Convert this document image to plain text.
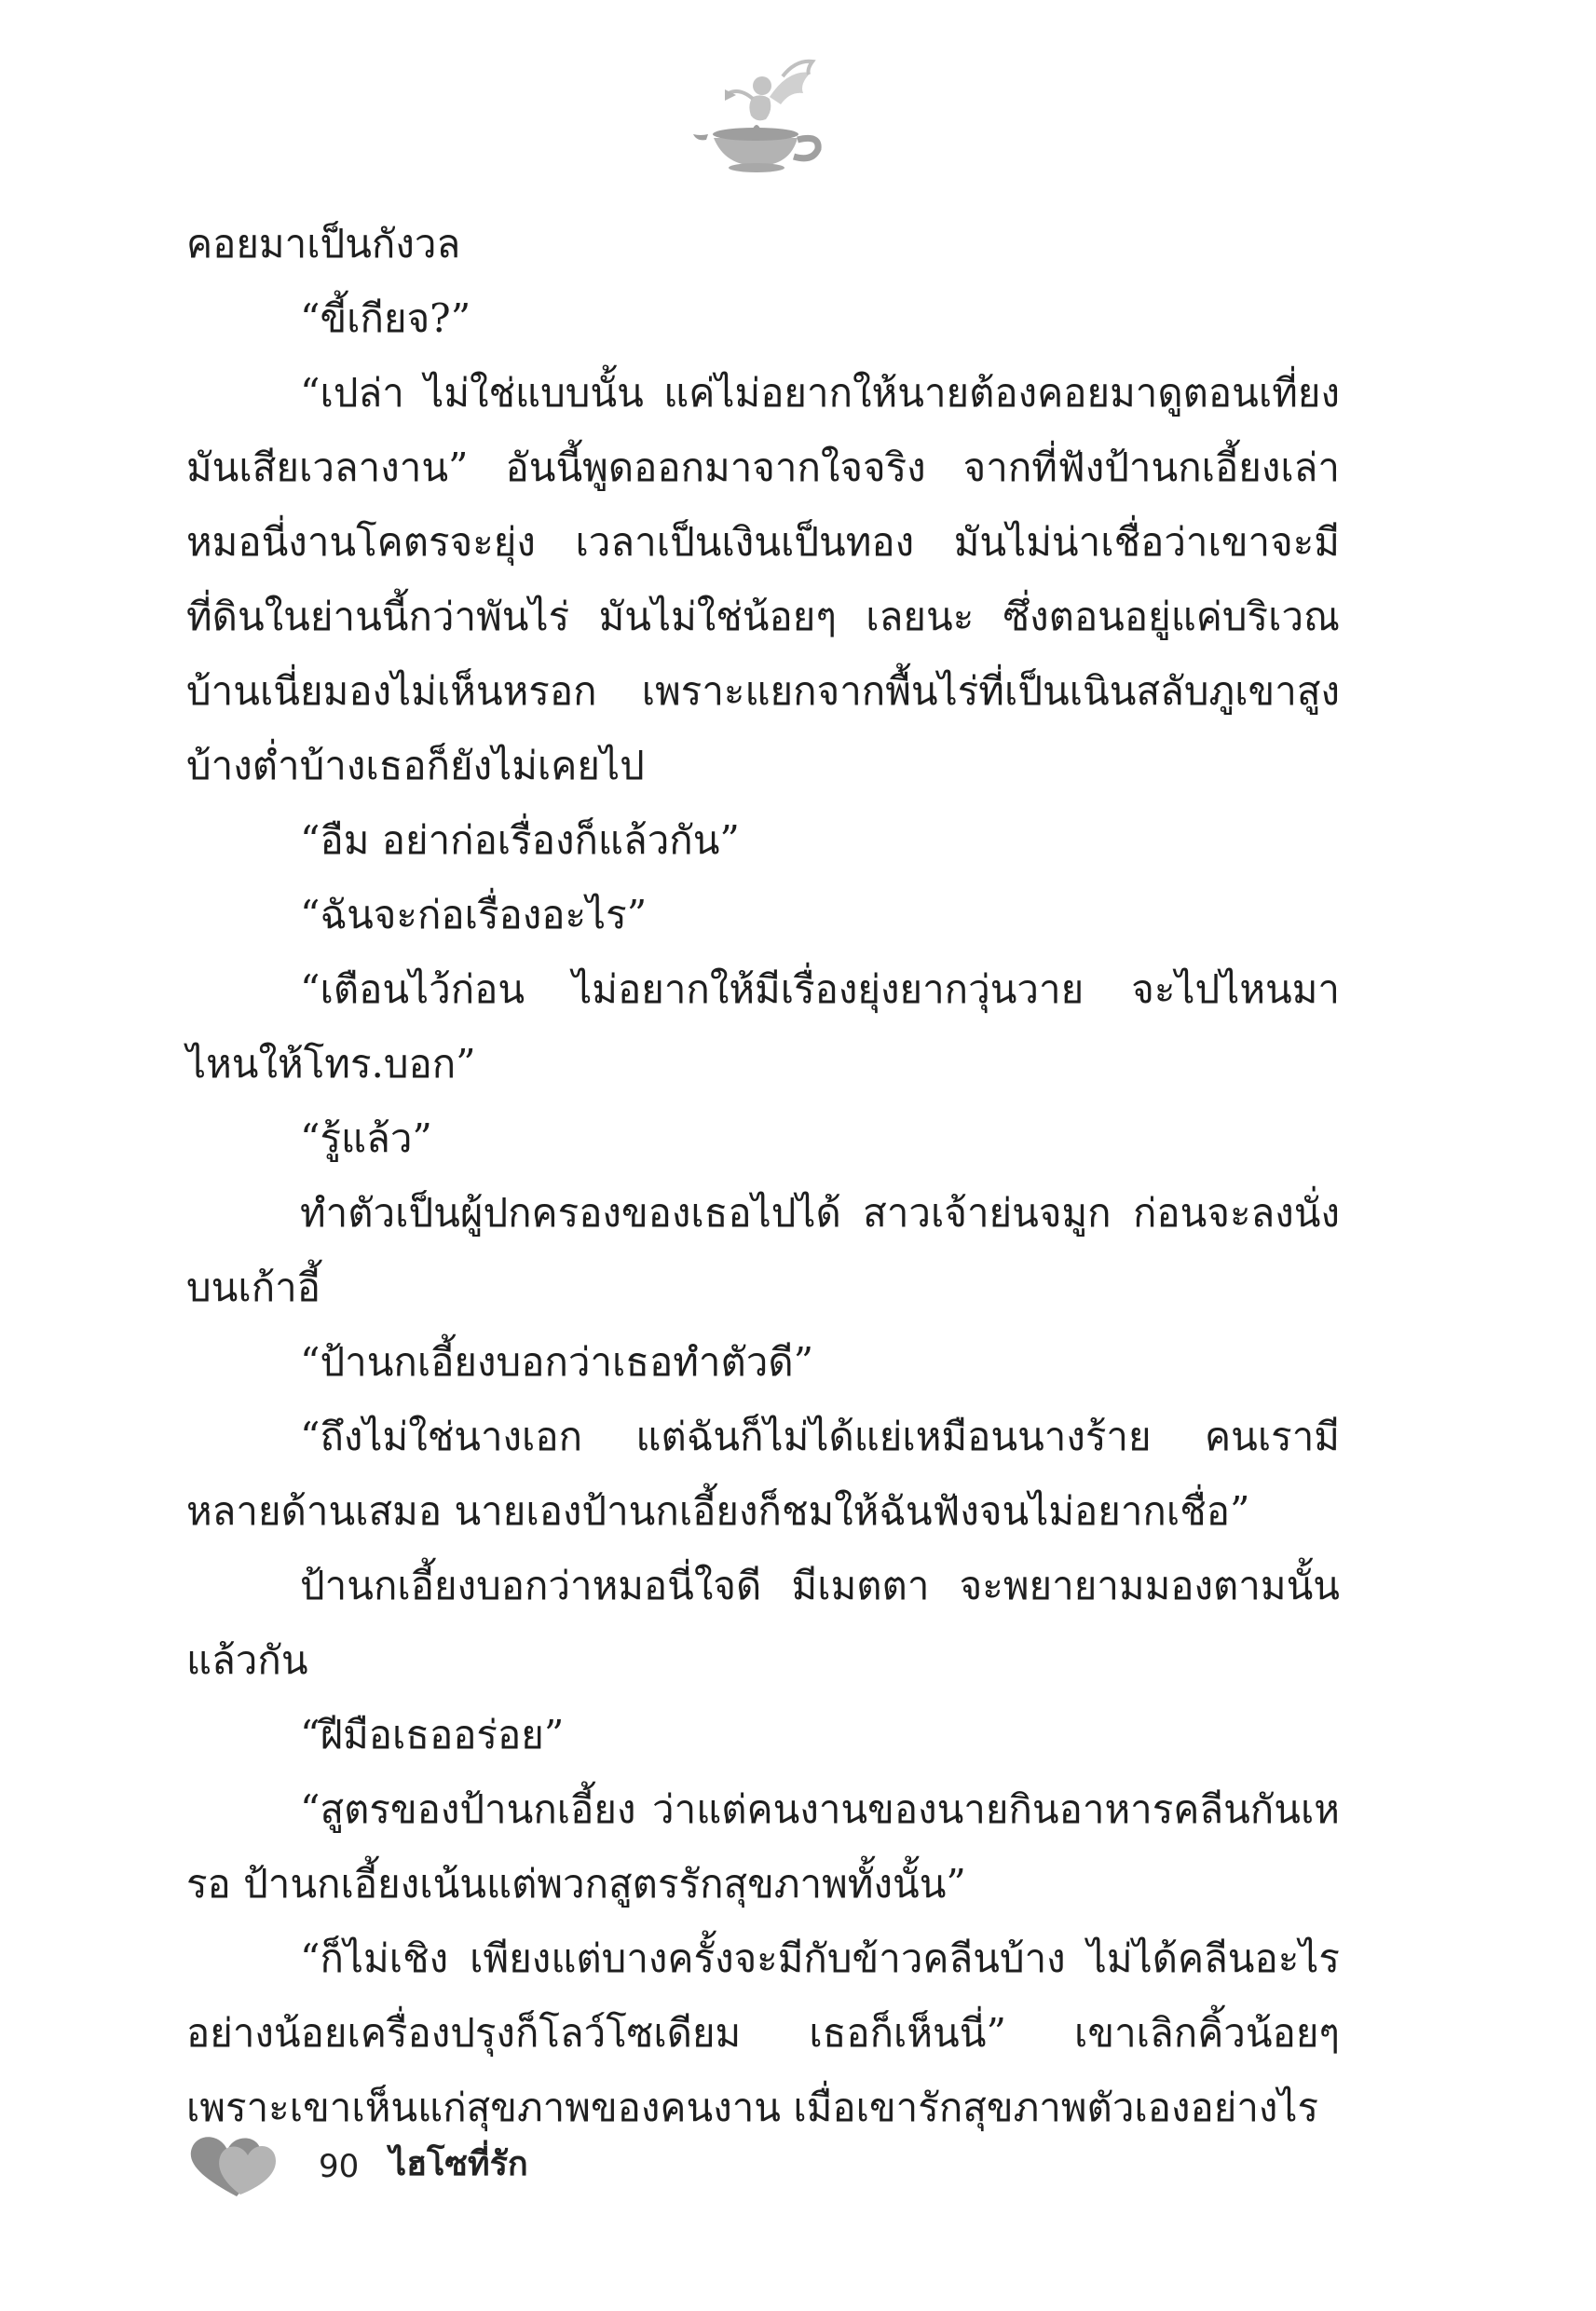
คอยมาเป็นกังวล

“ขี้เกียจ?”

“เปล่า ไม่ใช่แบบนั้น แค่ไม่อยากให้นายต้องคอยมาดูตอนเที่ยง มันเสียเวลางาน” อันนี้พูดออกมาจากใจจริง จากที่ฟังป้านกเอี้ยงเล่า หมอนี่งานโคตรจะยุ่ง เวลาเป็นเงินเป็นทอง มันไม่น่าเชื่อว่าเขาจะมีที่ดินในย่านนี้กว่าพันไร่ มันไม่ใช่น้อยๆ เลยนะ ซึ่งตอนอยู่แค่บริเวณบ้านเนี่ยมองไม่เห็นหรอก เพราะแยกจากพื้นไร่ที่เป็นเนินสลับภูเขาสูงบ้างต่ำบ้างเธอก็ยังไม่เคยไป

“อืม อย่าก่อเรื่องก็แล้วกัน”

“ฉันจะก่อเรื่องอะไร”

“เตือนไว้ก่อน ไม่อยากให้มีเรื่องยุ่งยากวุ่นวาย จะไปไหนมาไหนให้โทร.บอก”

“รู้แล้ว”

ทำตัวเป็นผู้ปกครองของเธอไปได้ สาวเจ้าย่นจมูก ก่อนจะลงนั่งบนเก้าอี้

“ป้านกเอี้ยงบอกว่าเธอทำตัวดี”

“ถึงไม่ใช่นางเอก แต่ฉันก็ไม่ได้แย่เหมือนนางร้าย คนเรามีหลายด้านเสมอ นายเองป้านกเอี้ยงก็ชมให้ฉันฟังจนไม่อยากเชื่อ”

ป้านกเอี้ยงบอกว่าหมอนี่ใจดี มีเมตตา จะพยายามมองตามนั้นแล้วกัน

“ฝีมือเธออร่อย”

“สูตรของป้านกเอี้ยง ว่าแต่คนงานของนายกินอาหารคลีนกันเหรอ ป้านกเอี้ยงเน้นแต่พวกสูตรรักสุขภาพทั้งนั้น”

“ก็ไม่เชิง เพียงแต่บางครั้งจะมีกับข้าวคลีนบ้าง ไม่ได้คลีนอะไร อย่างน้อยเครื่องปรุงก็โลว์โซเดียม เธอก็เห็นนี่” เขาเลิกคิ้วน้อยๆ เพราะเขาเห็นแก่สุขภาพของคนงาน เมื่อเขารักสุขภาพตัวเองอย่างไร

90 ไฮโซที่รัก
